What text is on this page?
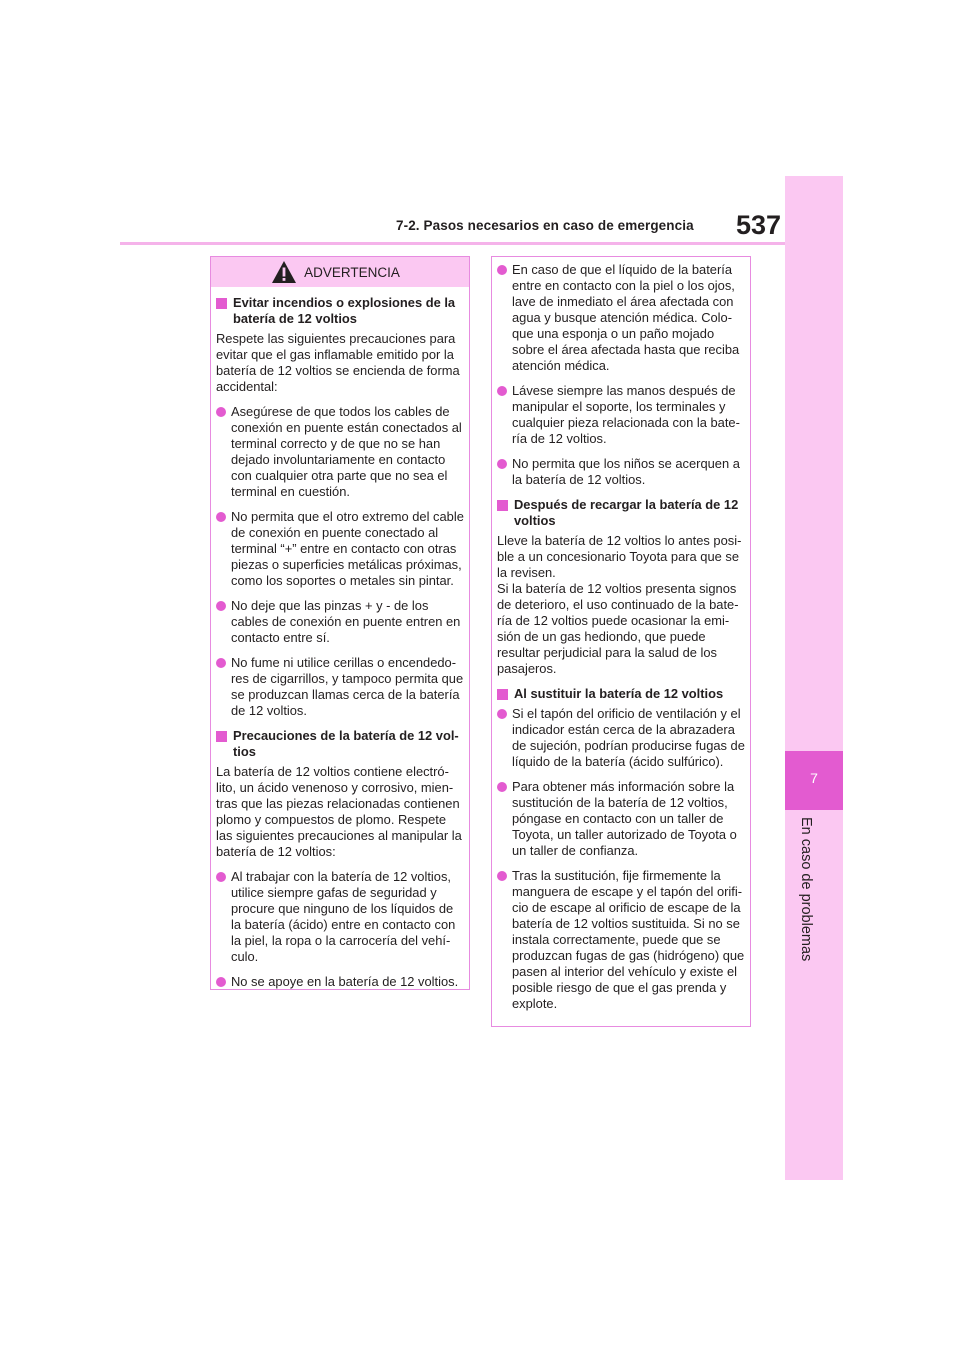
7-2. Pasos necesarios en caso de emergencia 537
7
En caso de problemas
ADVERTENCIA
Evitar incendios o explosiones de la batería de 12 voltios
Respete las siguientes precauciones para evitar que el gas inflamable emitido por la batería de 12 voltios se encienda de forma accidental:
Asegúrese de que todos los cables de conexión en puente están conectados al terminal correcto y de que no se han dejado involuntariamente en contacto con cualquier otra parte que no sea el terminal en cuestión.
No permita que el otro extremo del cable de conexión en puente conectado al terminal “+” entre en contacto con otras piezas o superficies metálicas próximas, como los soportes o metales sin pintar.
No deje que las pinzas + y - de los cables de conexión en puente entren en contacto entre sí.
No fume ni utilice cerillas o encendedo-res de cigarrillos, y tampoco permita que se produzcan llamas cerca de la batería de 12 voltios.
Precauciones de la batería de 12 vol-tios
La batería de 12 voltios contiene electró-lito, un ácido venenoso y corrosivo, mien-tras que las piezas relacionadas contienen plomo y compuestos de plomo. Respete las siguientes precauciones al manipular la batería de 12 voltios:
Al trabajar con la batería de 12 voltios, utilice siempre gafas de seguridad y procure que ninguno de los líquidos de la batería (ácido) entre en contacto con la piel, la ropa o la carrocería del vehí-culo.
No se apoye en la batería de 12 voltios.
En caso de que el líquido de la batería entre en contacto con la piel o los ojos, lave de inmediato el área afectada con agua y busque atención médica. Colo-que una esponja o un paño mojado sobre el área afectada hasta que reciba atención médica.
Lávese siempre las manos después de manipular el soporte, los terminales y cualquier pieza relacionada con la bate-ría de 12 voltios.
No permita que los niños se acerquen a la batería de 12 voltios.
Después de recargar la batería de 12 voltios
Lleve la batería de 12 voltios lo antes posi-ble a un concesionario Toyota para que se la revisen.
Si la batería de 12 voltios presenta signos de deterioro, el uso continuado de la bate-ría de 12 voltios puede ocasionar la emi-sión de un gas hediondo, que puede resultar perjudicial para la salud de los pasajeros.
Al sustituir la batería de 12 voltios
Si el tapón del orificio de ventilación y el indicador están cerca de la abrazadera de sujeción, podrían producirse fugas de líquido de la batería (ácido sulfúrico).
Para obtener más información sobre la sustitución de la batería de 12 voltios, póngase en contacto con un taller de Toyota, un taller autorizado de Toyota o un taller de confianza.
Tras la sustitución, fije firmemente la manguera de escape y el tapón del orifi-cio de escape al orificio de escape de la batería de 12 voltios sustituida. Si no se instala correctamente, puede que se produzcan fugas de gas (hidrógeno) que pasen al interior del vehículo y existe el posible riesgo de que el gas prenda y explote.
